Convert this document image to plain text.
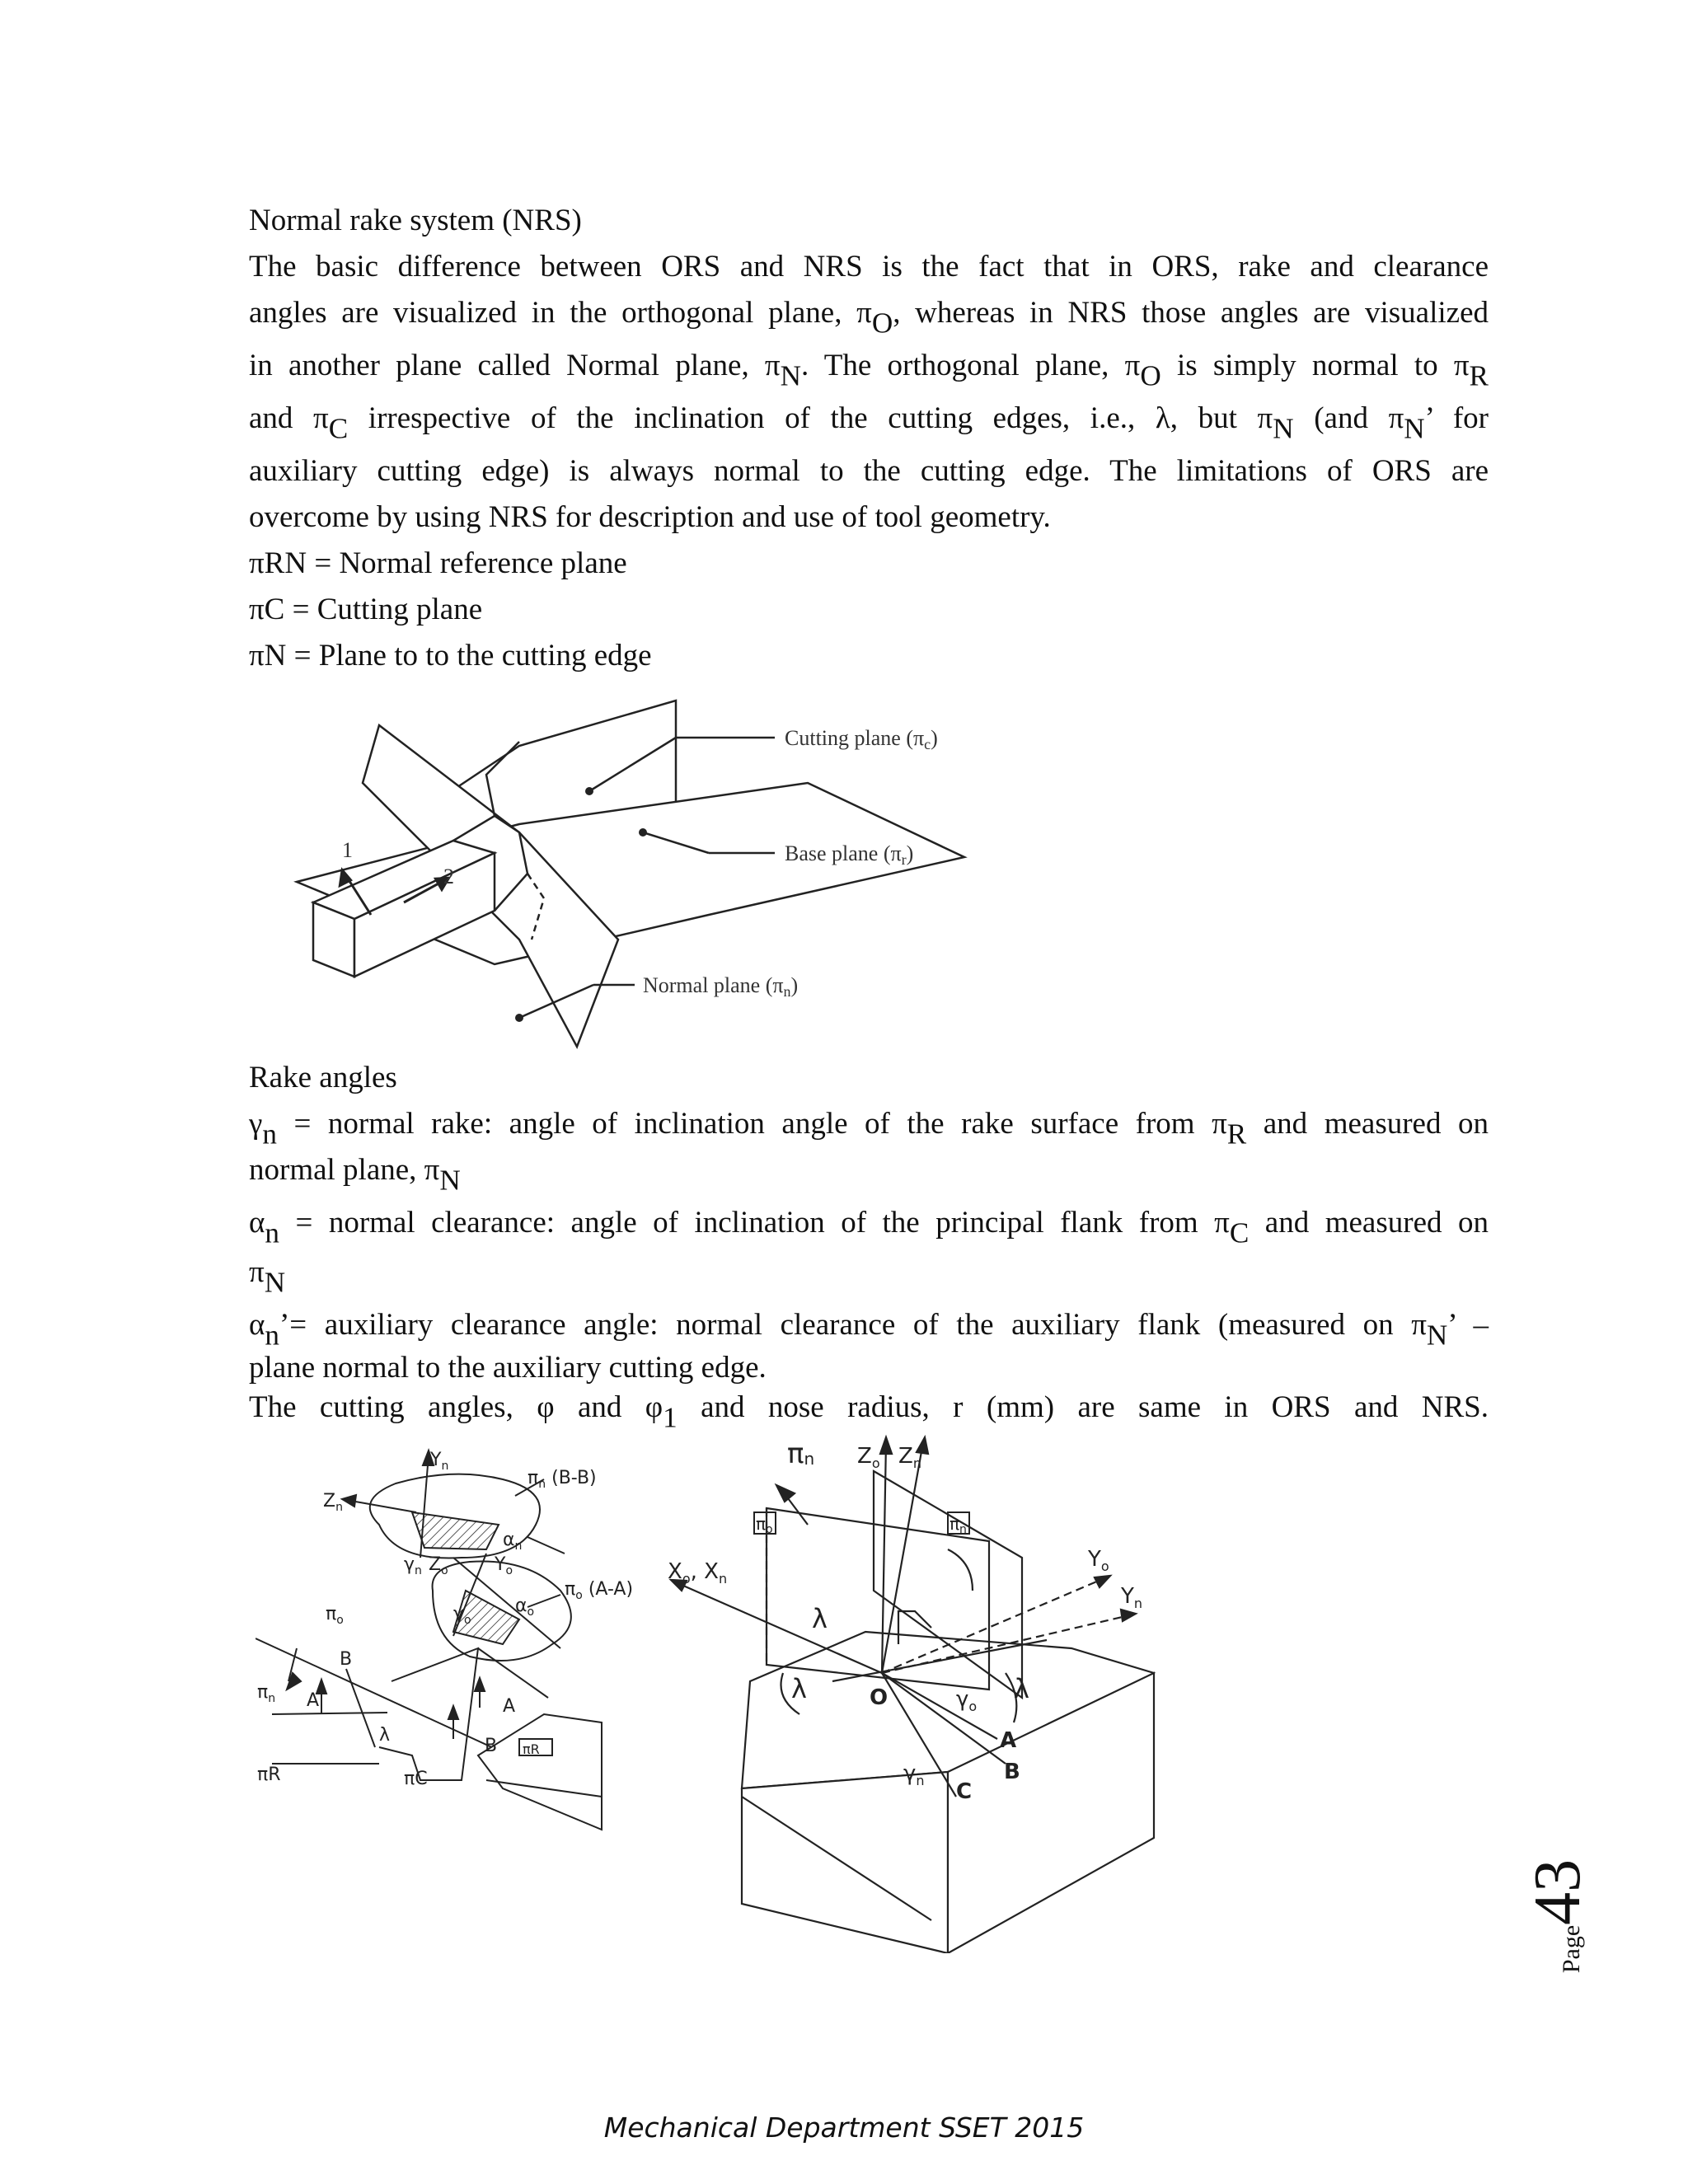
Normal rake system (NRS)

The basic difference between ORS and NRS is the fact that in ORS, rake and clearance

angles are visualized in the orthogonal plane, $\pi_O$, whereas in NRS those angles are visualized

in another plane called Normal plane, $\pi_N$. The orthogonal plane, $\pi_O$ is simply normal to $\pi_R$

and $\pi_C$ irrespective of the inclination of the cutting edges, i.e., λ, but $\pi_N$ (and $\pi_N$’ for

auxiliary cutting edge) is always normal to the cutting edge. The limitations of ORS are

overcome by using NRS for description and use of tool geometry.

πRN = Normal reference plane

πC = Cutting plane

πN = Plane to to the cutting edge

1
2
Cutting plane (πc)
Base plane (πr)
Normal plane (πn)

Rake angles

$\gamma_n$ = normal rake: angle of inclination angle of the rake surface from $\pi_R$ and measured on

normal plane, $\pi_N$

$\alpha_n$ = normal clearance: angle of inclination of the principal flank from $\pi_C$ and measured on

$\pi_N$

$\alpha_n’=$ auxiliary clearance angle: normal clearance of the auxiliary flank (measured on $\pi_N$’ –

plane normal to the auxiliary cutting edge.

The cutting angles, φ and $\varphi_1$ and nose radius, r (mm) are same in ORS and NRS.

$Y_n$
$Z_n$
$\pi_n$ (B-B)
$\alpha_n$
$\gamma_n$ $Z_o$	$Y_o$
$\pi_o$ (A-A)
$\gamma_o$
$\alpha_o$
$\pi_o$
B
$\pi_n$ A
λ
A
B
πR	πC
πR
πn $Z_o$ $Z_n$
$\pi_o$	$\pi_n$
$X_o$, $X_n$
$Y_o$
$Y_n$
λ
λ	λ
O	$\gamma_o$
$\gamma_n$
A
B
C
Page
43
Mechanical Department SSET 2015
